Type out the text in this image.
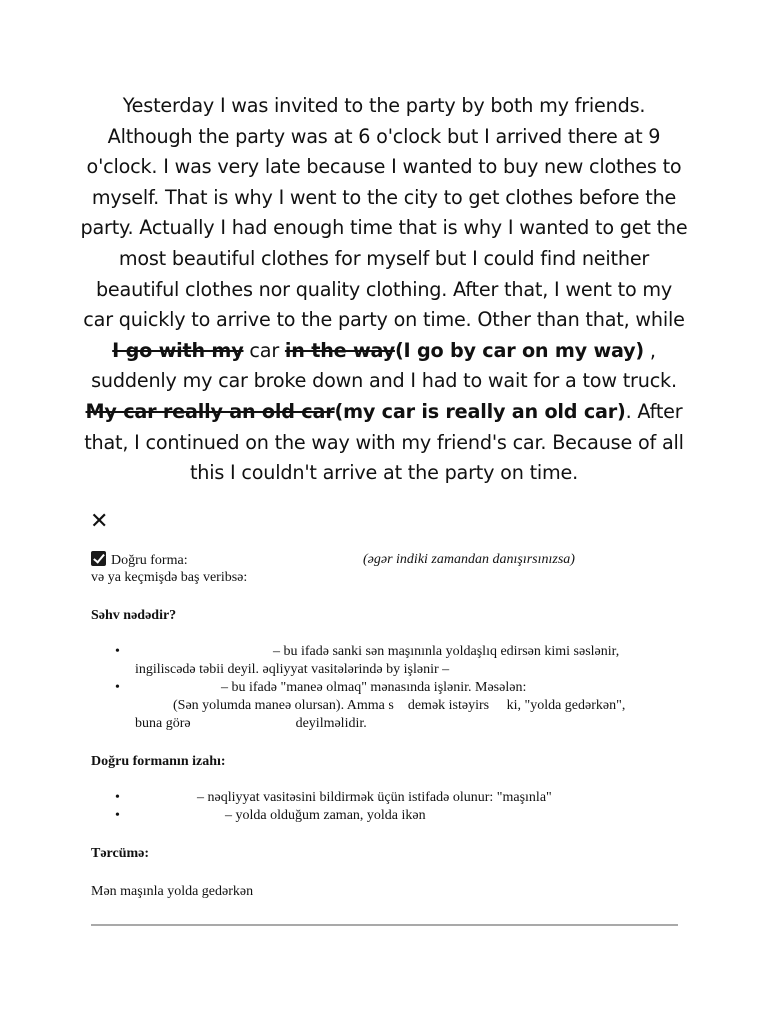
Yesterday I was invited to the party by both my friends. Although the party was at 6 o'clock but I arrived there at 9 o'clock. I was very late because I wanted to buy new clothes to myself. That is why I went to the city to get clothes before the party. Actually I had enough time that is why I wanted to get the most beautiful clothes for myself but I could find neither beautiful clothes nor quality clothing. After that, I went to my car quickly to arrive to the party on time. Other than that, while I go with my car in the way(I go by car on my way) , suddenly my car broke down and I had to wait for a tow truck. My car really an old car(my car is really an old car). After that, I continued on the way with my friend's car. Because of all this I couldn't arrive at the party on time.
✕
Doğru forma:	(əgər indiki zamandan danışırsınızsa)
və ya keçmişdə baş veribsə:
Səhv nədədir?
• – bu ifadə sanki sən maşınınla yoldaşlıq edirsən kimi səslənir,
ingiliscədə təbii deyil. əqliyyat vasitələrində by işlənir –
• – bu ifadə "maneə olmaq" mənasında işlənir. Məsələn:
(Sən yolumda maneə olursan). Amma s    demək istəyirs     ki, "yolda gedərkən",
buna görə                              deyilməlidir.
Doğru formanın izahı:
• – nəqliyyat vasitəsini bildirmək üçün istifadə olunur: "maşınla"
• – yolda olduğum zaman, yolda ikən
Tərcümə:
Mən maşınla yolda gedərkən
